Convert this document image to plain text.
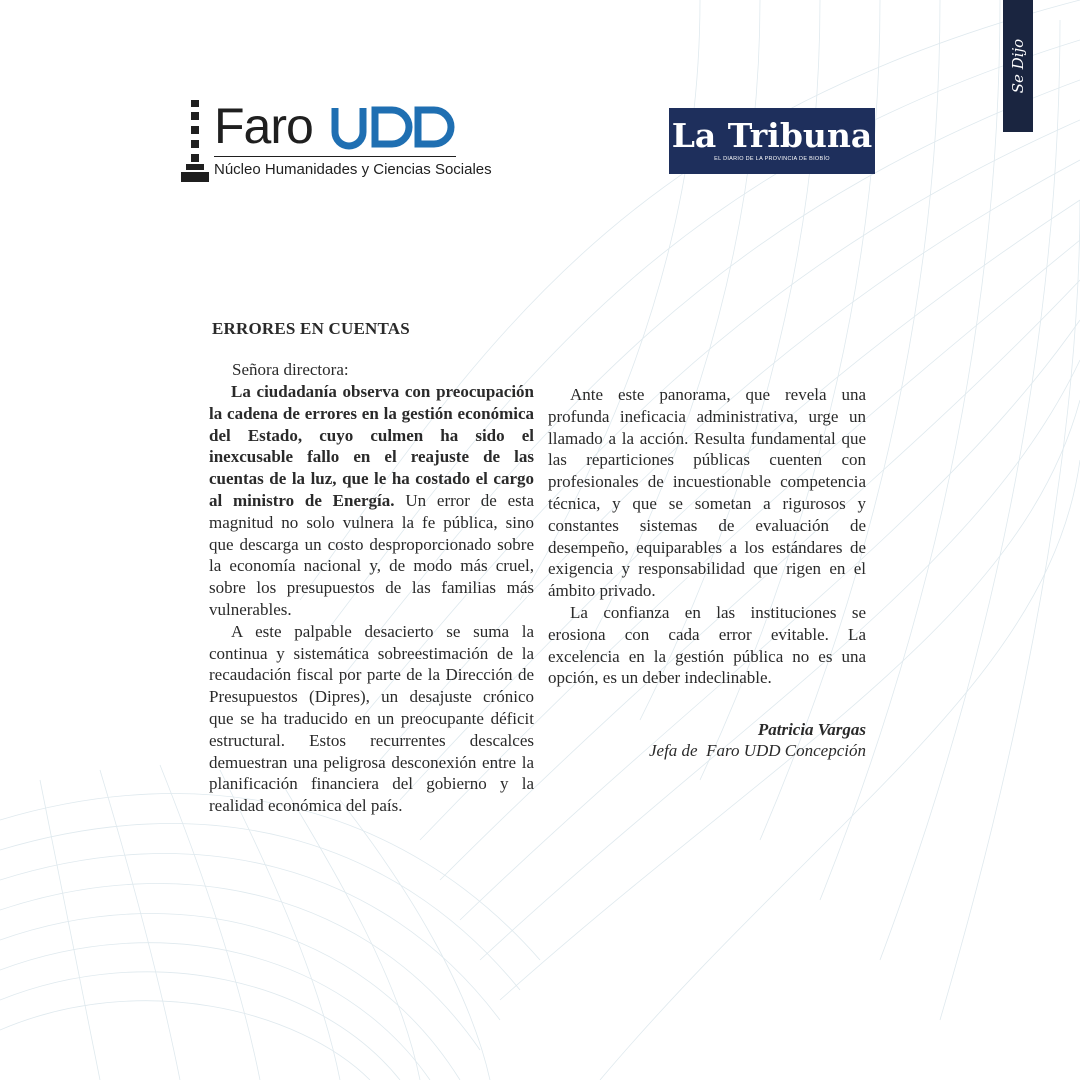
Se Dijo
Faro
Núcleo Humanidades y Ciencias Sociales
La Tribuna
EL DIARIO DE LA PROVINCIA DE BIOBÍO
ERRORES EN CUENTAS
Señora directora:

La ciudadanía observa con preocupación la cadena de errores en la gestión económica del Estado, cuyo culmen ha sido el inexcusable fallo en el reajuste de las cuentas de la luz, que le ha costado el cargo al ministro de Energía. Un error de esta magnitud no solo vulnera la fe pública, sino que descarga un costo desproporcionado sobre la economía nacional y, de modo más cruel, sobre los presupuestos de las familias más vulnerables.

A este palpable desacierto se suma la continua y sistemática sobreestimación de la recaudación fiscal por parte de la Dirección de Presupuestos (Dipres), un desajuste crónico que se ha traducido en un preocupante déficit estructural. Estos recurrentes descalces demuestran una peligrosa desconexión entre la planificación financiera del gobierno y la realidad económica del país.

Ante este panorama, que revela una profunda ineficacia administrativa, urge un llamado a la acción. Resulta fundamental que las reparticiones públicas cuenten con profesionales de incuestionable competencia técnica, y que se sometan a rigurosos y constantes sistemas de evaluación de desempeño, equiparables a los estándares de exigencia y responsabilidad que rigen en el ámbito privado.

La confianza en las instituciones se erosiona con cada error evitable. La excelencia en la gestión pública no es una opción, es un deber indeclinable.

Patricia Vargas
Jefa de  Faro UDD Concepción
